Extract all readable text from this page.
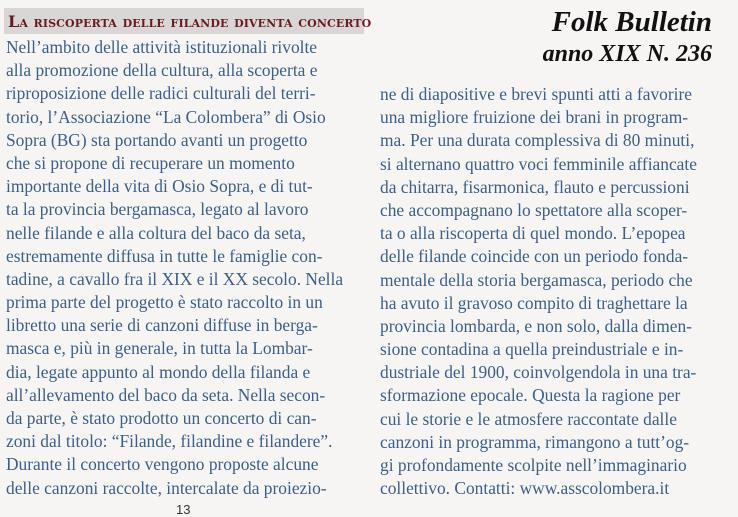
La riscoperta delle filande diventa concerto	Folk Bulletin
anno XIX N. 236
Nell’ambito delle attività istituzionali rivolte
alla promozione della cultura, alla scoperta e
riproposizione delle radici culturali del terri-
torio, l’Associazione “La Colombera” di Osio
Sopra (BG) sta portando avanti un progetto
che si propone di recuperare un momento
importante della vita di Osio Sopra, e di tut-
ta la provincia bergamasca, legato al lavoro
nelle filande e alla coltura del baco da seta,
estremamente diffusa in tutte le famiglie con-
tadine, a cavallo fra il XIX e il XX secolo. Nella
prima parte del progetto è stato raccolto in un
libretto una serie di canzoni diffuse in berga-
masca e, più in generale, in tutta la Lombar-
dia, legate appunto al mondo della filanda e
all’allevamento del baco da seta. Nella secon-
da parte, è stato prodotto un concerto di can-
zoni dal titolo: “Filande, filandine e filandere”.
Durante il concerto vengono proposte alcune
delle canzoni raccolte, intercalate da proiezio-
ne di diapositive e brevi spunti atti a favorire
una migliore fruizione dei brani in program-
ma. Per una durata complessiva di 80 minuti,
si alternano quattro voci femminile affiancate
da chitarra, fisarmonica, flauto e percussioni
che accompagnano lo spettatore alla scoper-
ta o alla riscoperta di quel mondo. L’epopea
delle filande coincide con un periodo fonda-
mentale della storia bergamasca, periodo che
ha avuto il gravoso compito di traghettare la
provincia lombarda, e non solo, dalla dimen-
sione contadina a quella preindustriale e in-
dustriale del 1900, coinvolgendola in una tra-
sformazione epocale. Questa la ragione per
cui le storie e le atmosfere raccontate dalle
canzoni in programma, rimangono a tutt’og-
gi profondamente scolpite nell’immaginario
collettivo. Contatti: www.asscolombera.it
13
